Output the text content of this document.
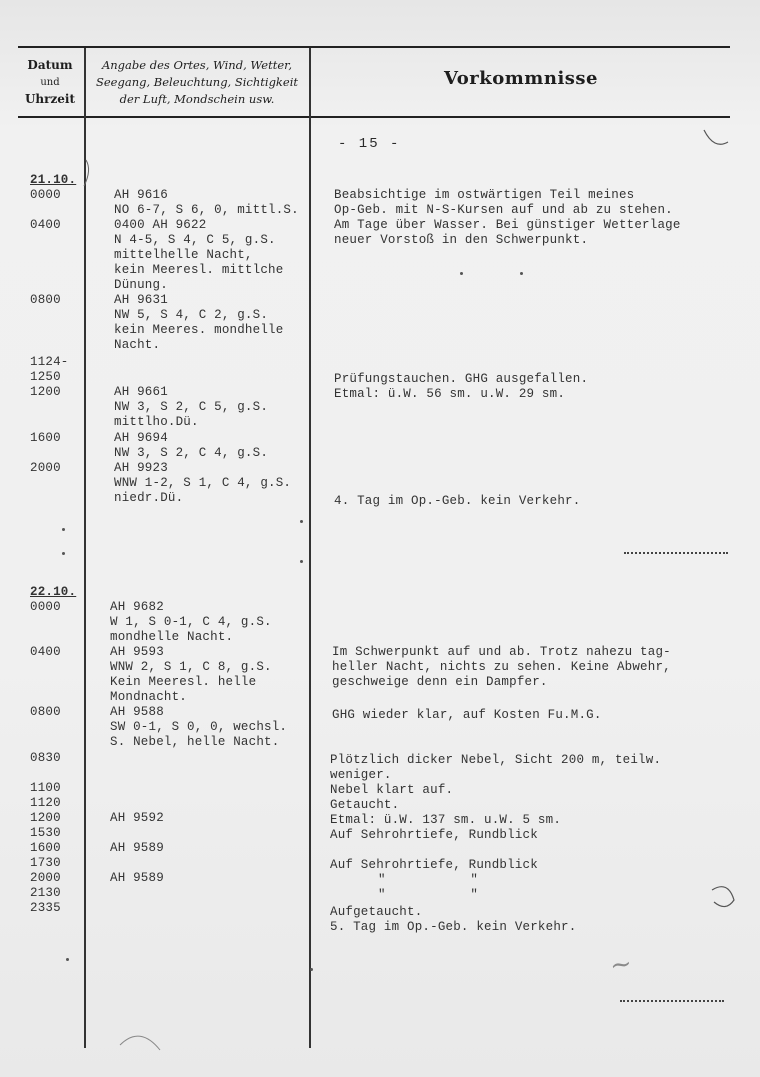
Datum
und
Uhrzeit
Angabe des Ortes, Wind, Wetter,
Seegang, Beleuchtung, Sichtigkeit
der Luft, Mondschein usw.
Vorkommnisse
- 15 -
21.10.
0000
0400
0800
1124-
1250
1200
1600
2000
AH 9616
NO 6-7, S 6, 0, mittl.S.
0400 AH 9622
N 4-5, S 4, C 5, g.S.
mittelhelle Nacht,
kein Meeresl. mittlche
Dünung.
AH 9631
NW 5, S 4, C 2, g.S.
kein Meeres. mondhelle
Nacht.
AH 9661
NW 3, S 2, C 5, g.S.
mittlho.Dü.
AH 9694
NW 3, S 2, C 4, g.S.
AH 9923
WNW 1-2, S 1, C 4, g.S.
niedr.Dü.
Beabsichtige im ostwärtigen Teil meines
Op-Geb. mit N-S-Kursen auf und ab zu stehen.
Am Tage über Wasser. Bei günstiger Wetterlage
neuer Vorstoß in den Schwerpunkt.
Prüfungstauchen. GHG ausgefallen.
Etmal: ü.W. 56 sm. u.W. 29 sm.
4. Tag im Op.-Geb. kein Verkehr.
22.10.
0000
0400
0800
0830
1100
1120
1200
1530
1600
1730
2000
2130
2335
AH 9682
W 1, S 0-1, C 4, g.S.
mondhelle Nacht.
AH 9593
WNW 2, S 1, C 8, g.S.
Kein Meeresl. helle
Mondnacht.
AH 9588
SW 0-1, S 0, 0, wechsl.
S. Nebel, helle Nacht.
AH 9592
AH 9589
AH 9589
Im Schwerpunkt auf und ab. Trotz nahezu tag-
heller Nacht, nichts zu sehen. Keine Abwehr,
geschweige denn ein Dampfer.
GHG wieder klar, auf Kosten Fu.M.G.
Plötzlich dicker Nebel, Sicht 200 m, teilw.
weniger.
Nebel klart auf.
Getaucht.
Etmal: ü.W. 137 sm. u.W. 5 sm.
Auf Sehrohrtiefe, Rundblick
Auf Sehrohrtiefe, Rundblick
"           "
"           "
Aufgetaucht.
5. Tag im Op.-Geb. kein Verkehr.
~
